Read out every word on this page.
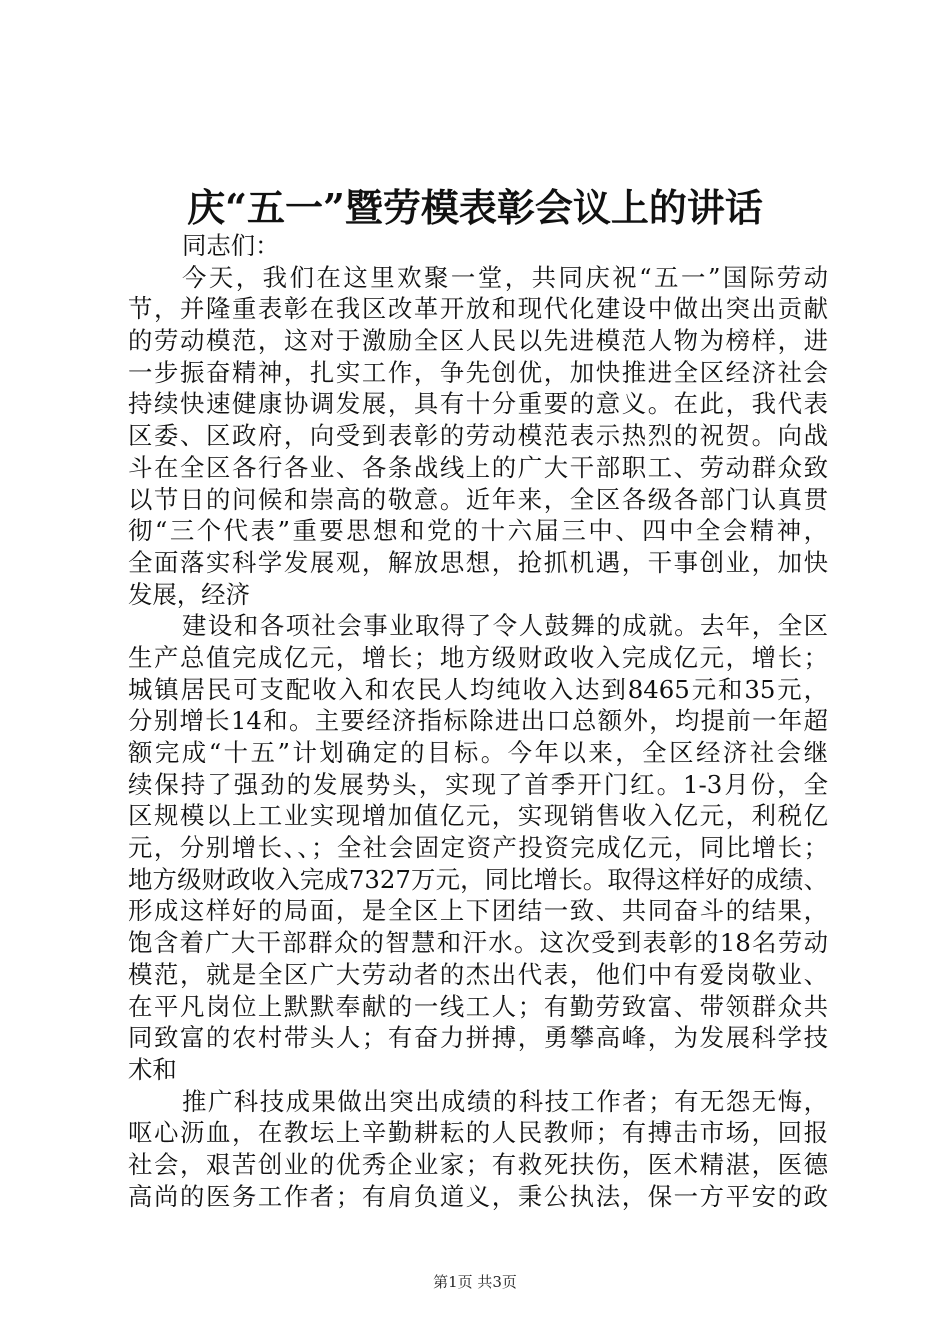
庆“五一”暨劳模表彰会议上的讲话
同志们：
今天，我们在这里欢聚一堂，共同庆祝“五一”国际劳动
节，并隆重表彰在我区改革开放和现代化建设中做出突出贡献
的劳动模范，这对于激励全区人民以先进模范人物为榜样，进
一步振奋精神，扎实工作，争先创优，加快推进全区经济社会
持续快速健康协调发展，具有十分重要的意义。在此，我代表
区委、区政府，向受到表彰的劳动模范表示热烈的祝贺。向战
斗在全区各行各业、各条战线上的广大干部职工、劳动群众致
以节日的问候和崇高的敬意。近年来，全区各级各部门认真贯
彻“三个代表”重要思想和党的十六届三中、四中全会精神，
全面落实科学发展观，解放思想，抢抓机遇，干事创业，加快
发展，经济
建设和各项社会事业取得了令人鼓舞的成就。去年，全区
生产总值完成亿元，增长；地方级财政收入完成亿元，增长；
城镇居民可支配收入和农民人均纯收入达到8465元和35元，
分别增长14和。主要经济指标除进出口总额外，均提前一年超
额完成“十五”计划确定的目标。今年以来，全区经济社会继
续保持了强劲的发展势头，实现了首季开门红。1-3月份，全
区规模以上工业实现增加值亿元，实现销售收入亿元，利税亿
元，分别增长、、；全社会固定资产投资完成亿元，同比增长；
地方级财政收入完成7327万元，同比增长。取得这样好的成绩、
形成这样好的局面，是全区上下团结一致、共同奋斗的结果，
饱含着广大干部群众的智慧和汗水。这次受到表彰的18名劳动
模范，就是全区广大劳动者的杰出代表，他们中有爱岗敬业、
在平凡岗位上默默奉献的一线工人；有勤劳致富、带领群众共
同致富的农村带头人；有奋力拼搏，勇攀高峰，为发展科学技
术和
推广科技成果做出突出成绩的科技工作者；有无怨无悔，
呕心沥血，在教坛上辛勤耕耘的人民教师；有搏击市场，回报
社会，艰苦创业的优秀企业家；有救死扶伤，医术精湛，医德
高尚的医务工作者；有肩负道义，秉公执法，保一方平安的政
第1页 共3页
